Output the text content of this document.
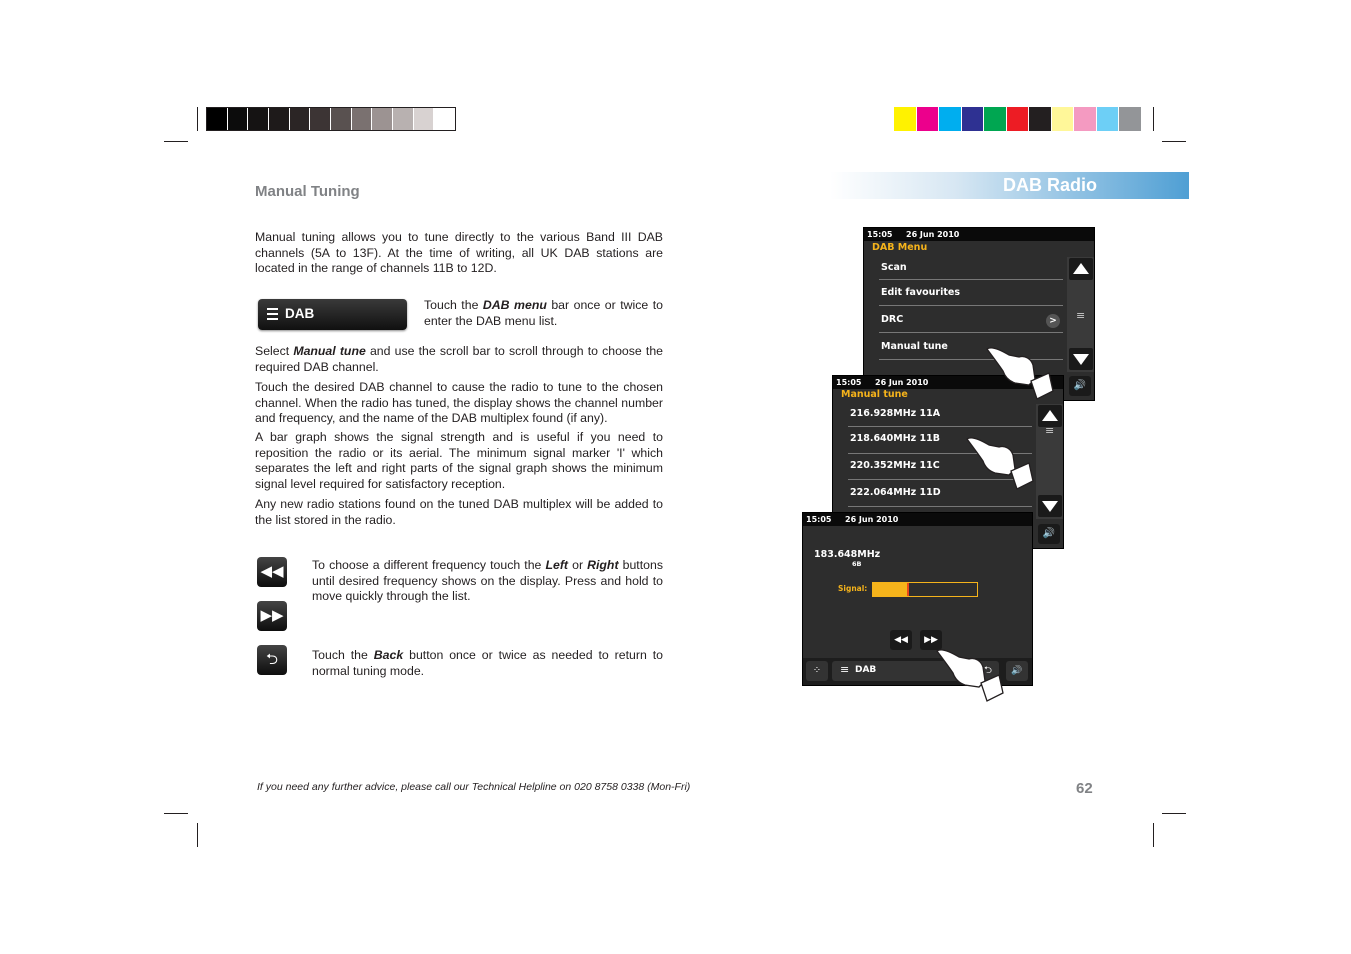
Manual Tuning	DAB Radio

Manual tuning allows you to tune directly to the various Band III DAB channels (5A to 13F). At the time of writing, all UK DAB stations are located in the range of channels 11B to 12D.

DAB

Touch the DAB menu bar once or twice to enter the DAB menu list.

Select Manual tune and use the scroll bar to scroll through to choose the required DAB channel.

Touch the desired DAB channel to cause the radio to tune to the chosen channel. When the radio has tuned, the display shows the channel number and frequency, and the name of the DAB multiplex found (if any).

A bar graph shows the signal strength and is useful if you need to reposition the radio or its aerial. The minimum signal marker 'I' which separates the left and right parts of the signal graph shows the minimum signal level required for satisfactory reception.

Any new radio stations found on the tuned DAB multiplex will be added to the list stored in the radio.

◀◀
▶▶

To choose a different frequency touch the Left or Right buttons until desired frequency shows on the display. Press and hold to move quickly through the list.

⮌	Touch the Back button once or twice as needed to return to normal tuning mode.

15:05 26 Jun 2010
DAB Menu
Scan
Edit favourites
DRC	>
Manual tune
≡
🔊
15:05 26 Jun 2010
Manual tune
216.928MHz 11A
218.640MHz 11B
220.352MHz 11C
222.064MHz 11D
≡
🔊
15:05 26 Jun 2010
183.648MHz
6B
Signal:
◀◀	▶▶
⁘	≡ DAB	⮌	🔊
If you need any further advice, please call our Technical Helpline on 020 8758 0338 (Mon-Fri)	62
